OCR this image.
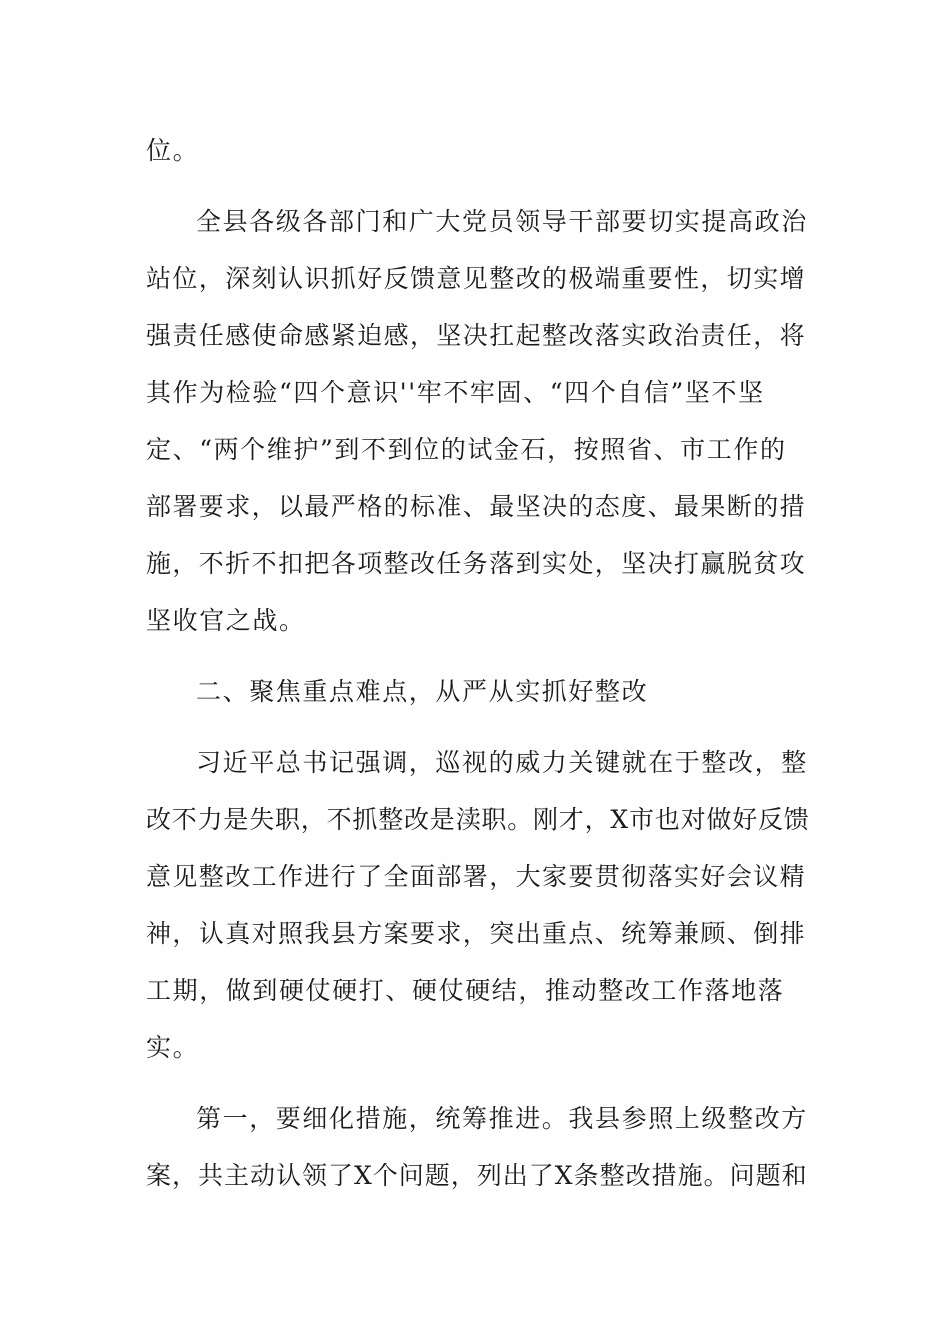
位。
全县各级各部门和广大党员领导干部要切实提高政治
站位，深刻认识抓好反馈意见整改的极端重要性，切实增
强责任感使命感紧迫感，坚决扛起整改落实政治责任，将
其作为检验“四个意识''牢不牢固、“四个自信”坚不坚
定、“两个维护”到不到位的试金石，按照省、市工作的
部署要求，以最严格的标准、最坚决的态度、最果断的措
施，不折不扣把各项整改任务落到实处，坚决打赢脱贫攻
坚收官之战。
二、聚焦重点难点，从严从实抓好整改
习近平总书记强调，巡视的威力关键就在于整改，整
改不力是失职，不抓整改是渎职。刚才，X市也对做好反馈
意见整改工作进行了全面部署，大家要贯彻落实好会议精
神，认真对照我县方案要求，突出重点、统筹兼顾、倒排
工期，做到硬仗硬打、硬仗硬结，推动整改工作落地落
实。
第一，要细化措施，统筹推进。我县参照上级整改方
案，共主动认领了X个问题，列出了X条整改措施。问题和
